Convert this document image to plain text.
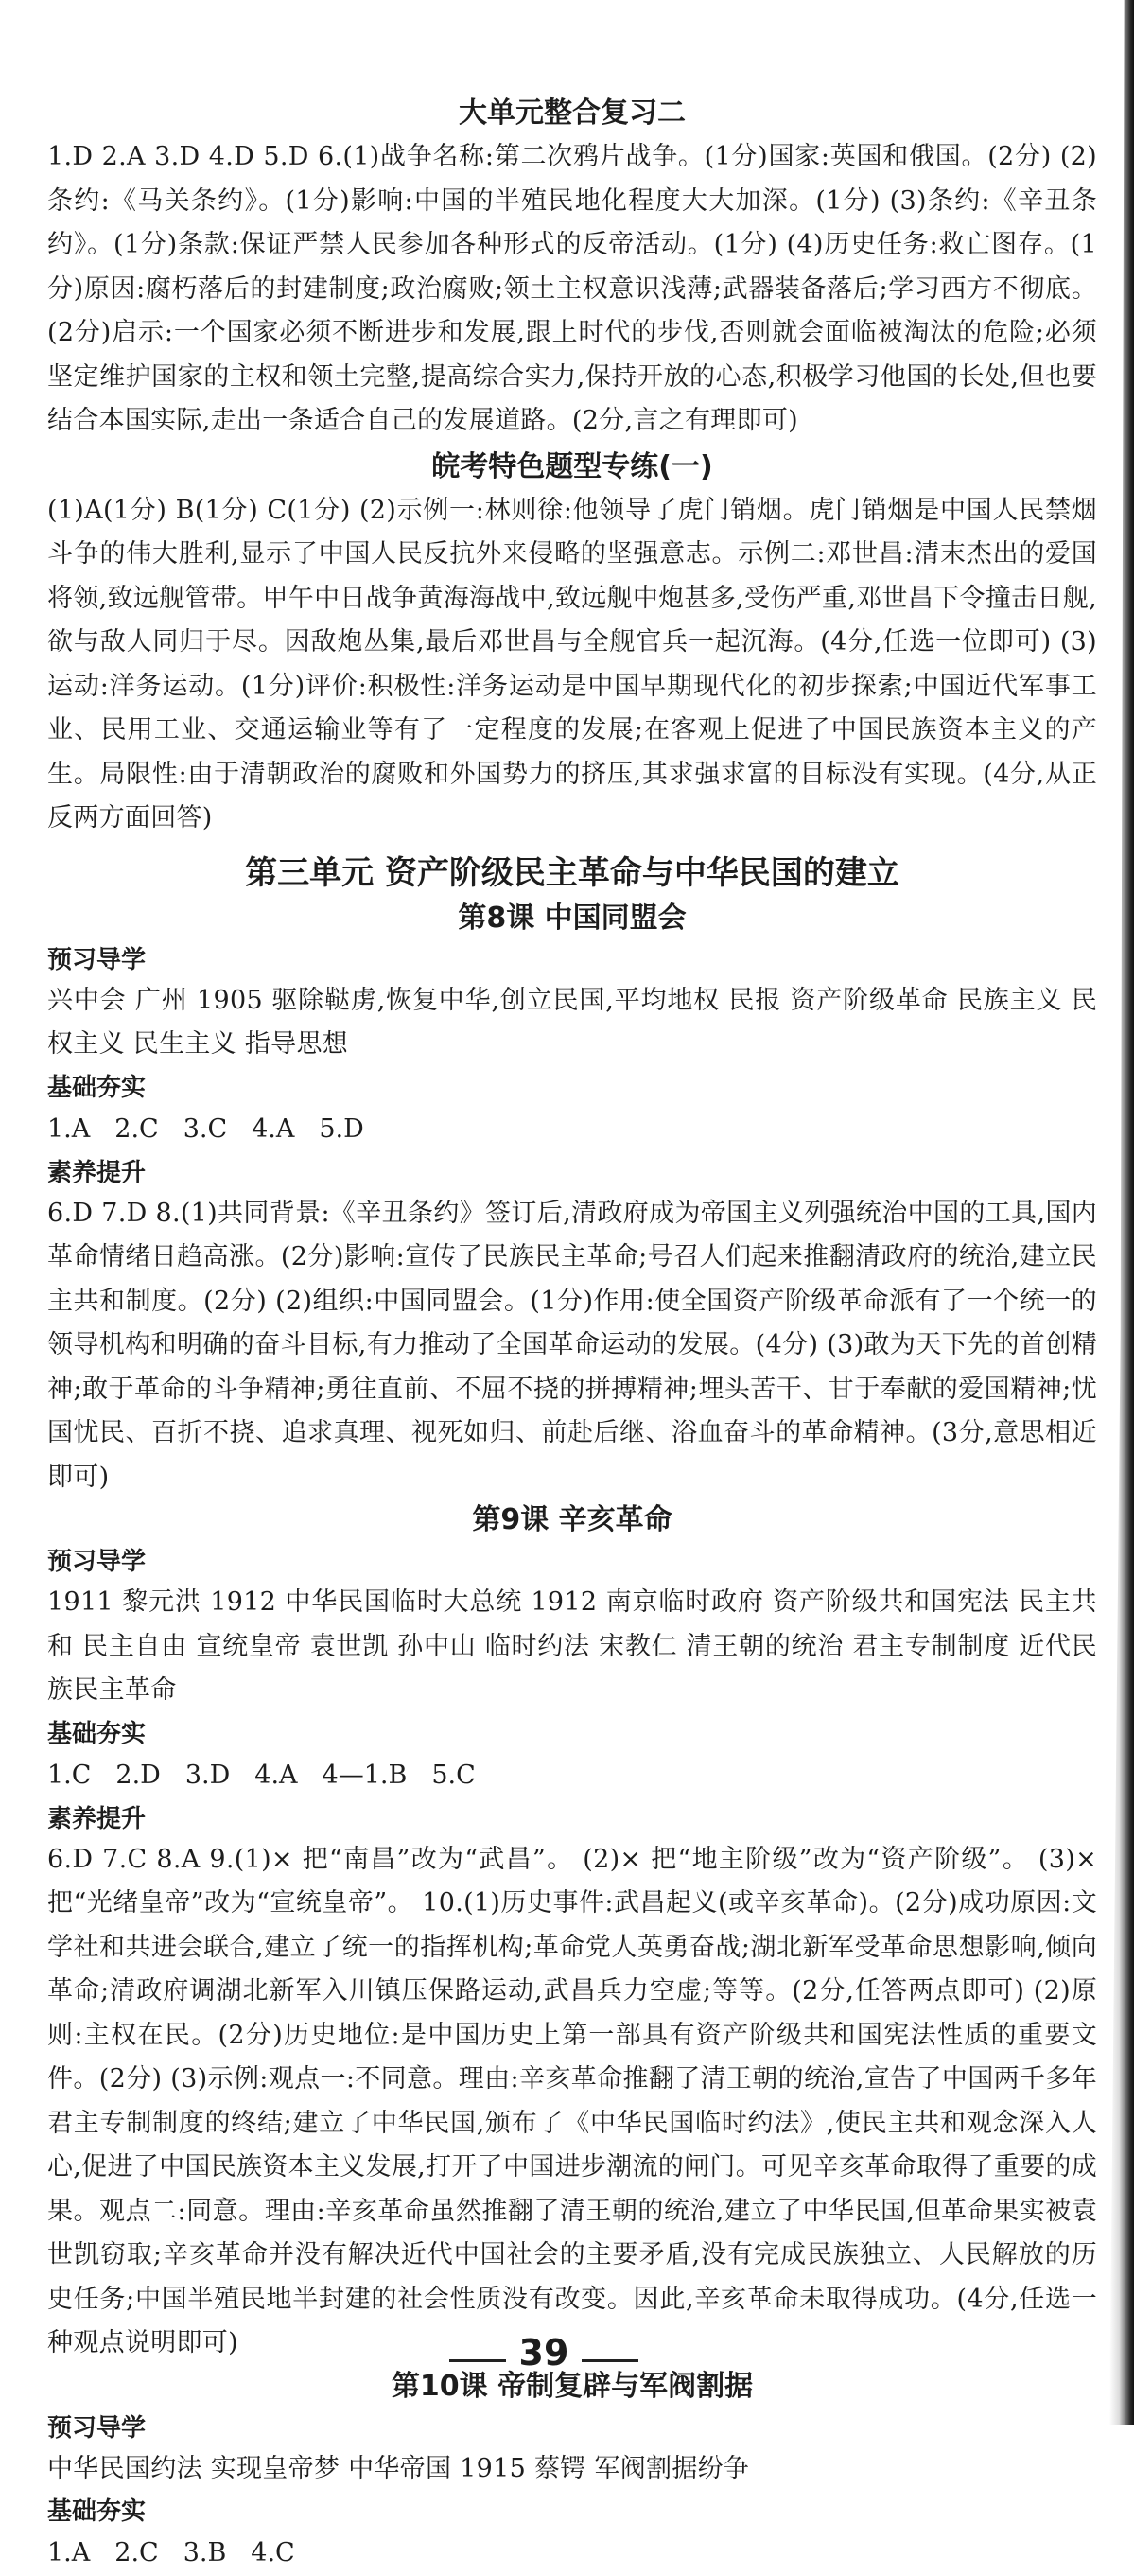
大单元整合复习二

1.D 2.A 3.D 4.D 5.D 6.(1)战争名称:第二次鸦片战争。(1分)国家:英国和俄国。(2分) (2)条约:《马关条约》。(1分)影响:中国的半殖民地化程度大大加深。(1分) (3)条约:《辛丑条约》。(1分)条款:保证严禁人民参加各种形式的反帝活动。(1分) (4)历史任务:救亡图存。(1分)原因:腐朽落后的封建制度;政治腐败;领土主权意识浅薄;武器装备落后;学习西方不彻底。(2分)启示:一个国家必须不断进步和发展,跟上时代的步伐,否则就会面临被淘汰的危险;必须坚定维护国家的主权和领土完整,提高综合实力,保持开放的心态,积极学习他国的长处,但也要结合本国实际,走出一条适合自己的发展道路。(2分,言之有理即可)

皖考特色题型专练(一)

(1)A(1分) B(1分) C(1分) (2)示例一:林则徐:他领导了虎门销烟。虎门销烟是中国人民禁烟斗争的伟大胜利,显示了中国人民反抗外来侵略的坚强意志。示例二:邓世昌:清末杰出的爱国将领,致远舰管带。甲午中日战争黄海海战中,致远舰中炮甚多,受伤严重,邓世昌下令撞击日舰,欲与敌人同归于尽。因敌炮丛集,最后邓世昌与全舰官兵一起沉海。(4分,任选一位即可) (3)运动:洋务运动。(1分)评价:积极性:洋务运动是中国早期现代化的初步探索;中国近代军事工业、民用工业、交通运输业等有了一定程度的发展;在客观上促进了中国民族资本主义的产生。局限性:由于清朝政治的腐败和外国势力的挤压,其求强求富的目标没有实现。(4分,从正反两方面回答)

第三单元 资产阶级民主革命与中华民国的建立
第8课 中国同盟会
预习导学

兴中会 广州 1905 驱除鞑虏,恢复中华,创立民国,平均地权 民报 资产阶级革命 民族主义 民权主义 民生主义 指导思想

基础夯实

1.A 2.C 3.C 4.A 5.D

素养提升

6.D 7.D 8.(1)共同背景:《辛丑条约》签订后,清政府成为帝国主义列强统治中国的工具,国内革命情绪日趋高涨。(2分)影响:宣传了民族民主革命;号召人们起来推翻清政府的统治,建立民主共和制度。(2分) (2)组织:中国同盟会。(1分)作用:使全国资产阶级革命派有了一个统一的领导机构和明确的奋斗目标,有力推动了全国革命运动的发展。(4分) (3)敢为天下先的首创精神;敢于革命的斗争精神;勇往直前、不屈不挠的拼搏精神;埋头苦干、甘于奉献的爱国精神;忧国忧民、百折不挠、追求真理、视死如归、前赴后继、浴血奋斗的革命精神。(3分,意思相近即可)

第9课 辛亥革命
预习导学

1911 黎元洪 1912 中华民国临时大总统 1912 南京临时政府 资产阶级共和国宪法 民主共和 民主自由 宣统皇帝 袁世凯 孙中山 临时约法 宋教仁 清王朝的统治 君主专制制度 近代民族民主革命

基础夯实

1.C 2.D 3.D 4.A 4—1.B 5.C

素养提升

6.D 7.C 8.A 9.(1)× 把“南昌”改为“武昌”。 (2)× 把“地主阶级”改为“资产阶级”。 (3)× 把“光绪皇帝”改为“宣统皇帝”。 10.(1)历史事件:武昌起义(或辛亥革命)。(2分)成功原因:文学社和共进会联合,建立了统一的指挥机构;革命党人英勇奋战;湖北新军受革命思想影响,倾向革命;清政府调湖北新军入川镇压保路运动,武昌兵力空虚;等等。(2分,任答两点即可) (2)原则:主权在民。(2分)历史地位:是中国历史上第一部具有资产阶级共和国宪法性质的重要文件。(2分) (3)示例:观点一:不同意。理由:辛亥革命推翻了清王朝的统治,宣告了中国两千多年君主专制制度的终结;建立了中华民国,颁布了《中华民国临时约法》,使民主共和观念深入人心,促进了中国民族资本主义发展,打开了中国进步潮流的闸门。可见辛亥革命取得了重要的成果。观点二:同意。理由:辛亥革命虽然推翻了清王朝的统治,建立了中华民国,但革命果实被袁世凯窃取;辛亥革命并没有解决近代中国社会的主要矛盾,没有完成民族独立、人民解放的历史任务;中国半殖民地半封建的社会性质没有改变。因此,辛亥革命未取得成功。(4分,任选一种观点说明即可)

第10课 帝制复辟与军阀割据
预习导学

中华民国约法 实现皇帝梦 中华帝国 1915 蔡锷 军阀割据纷争

基础夯实

1.A 2.C 3.B 4.C

39
